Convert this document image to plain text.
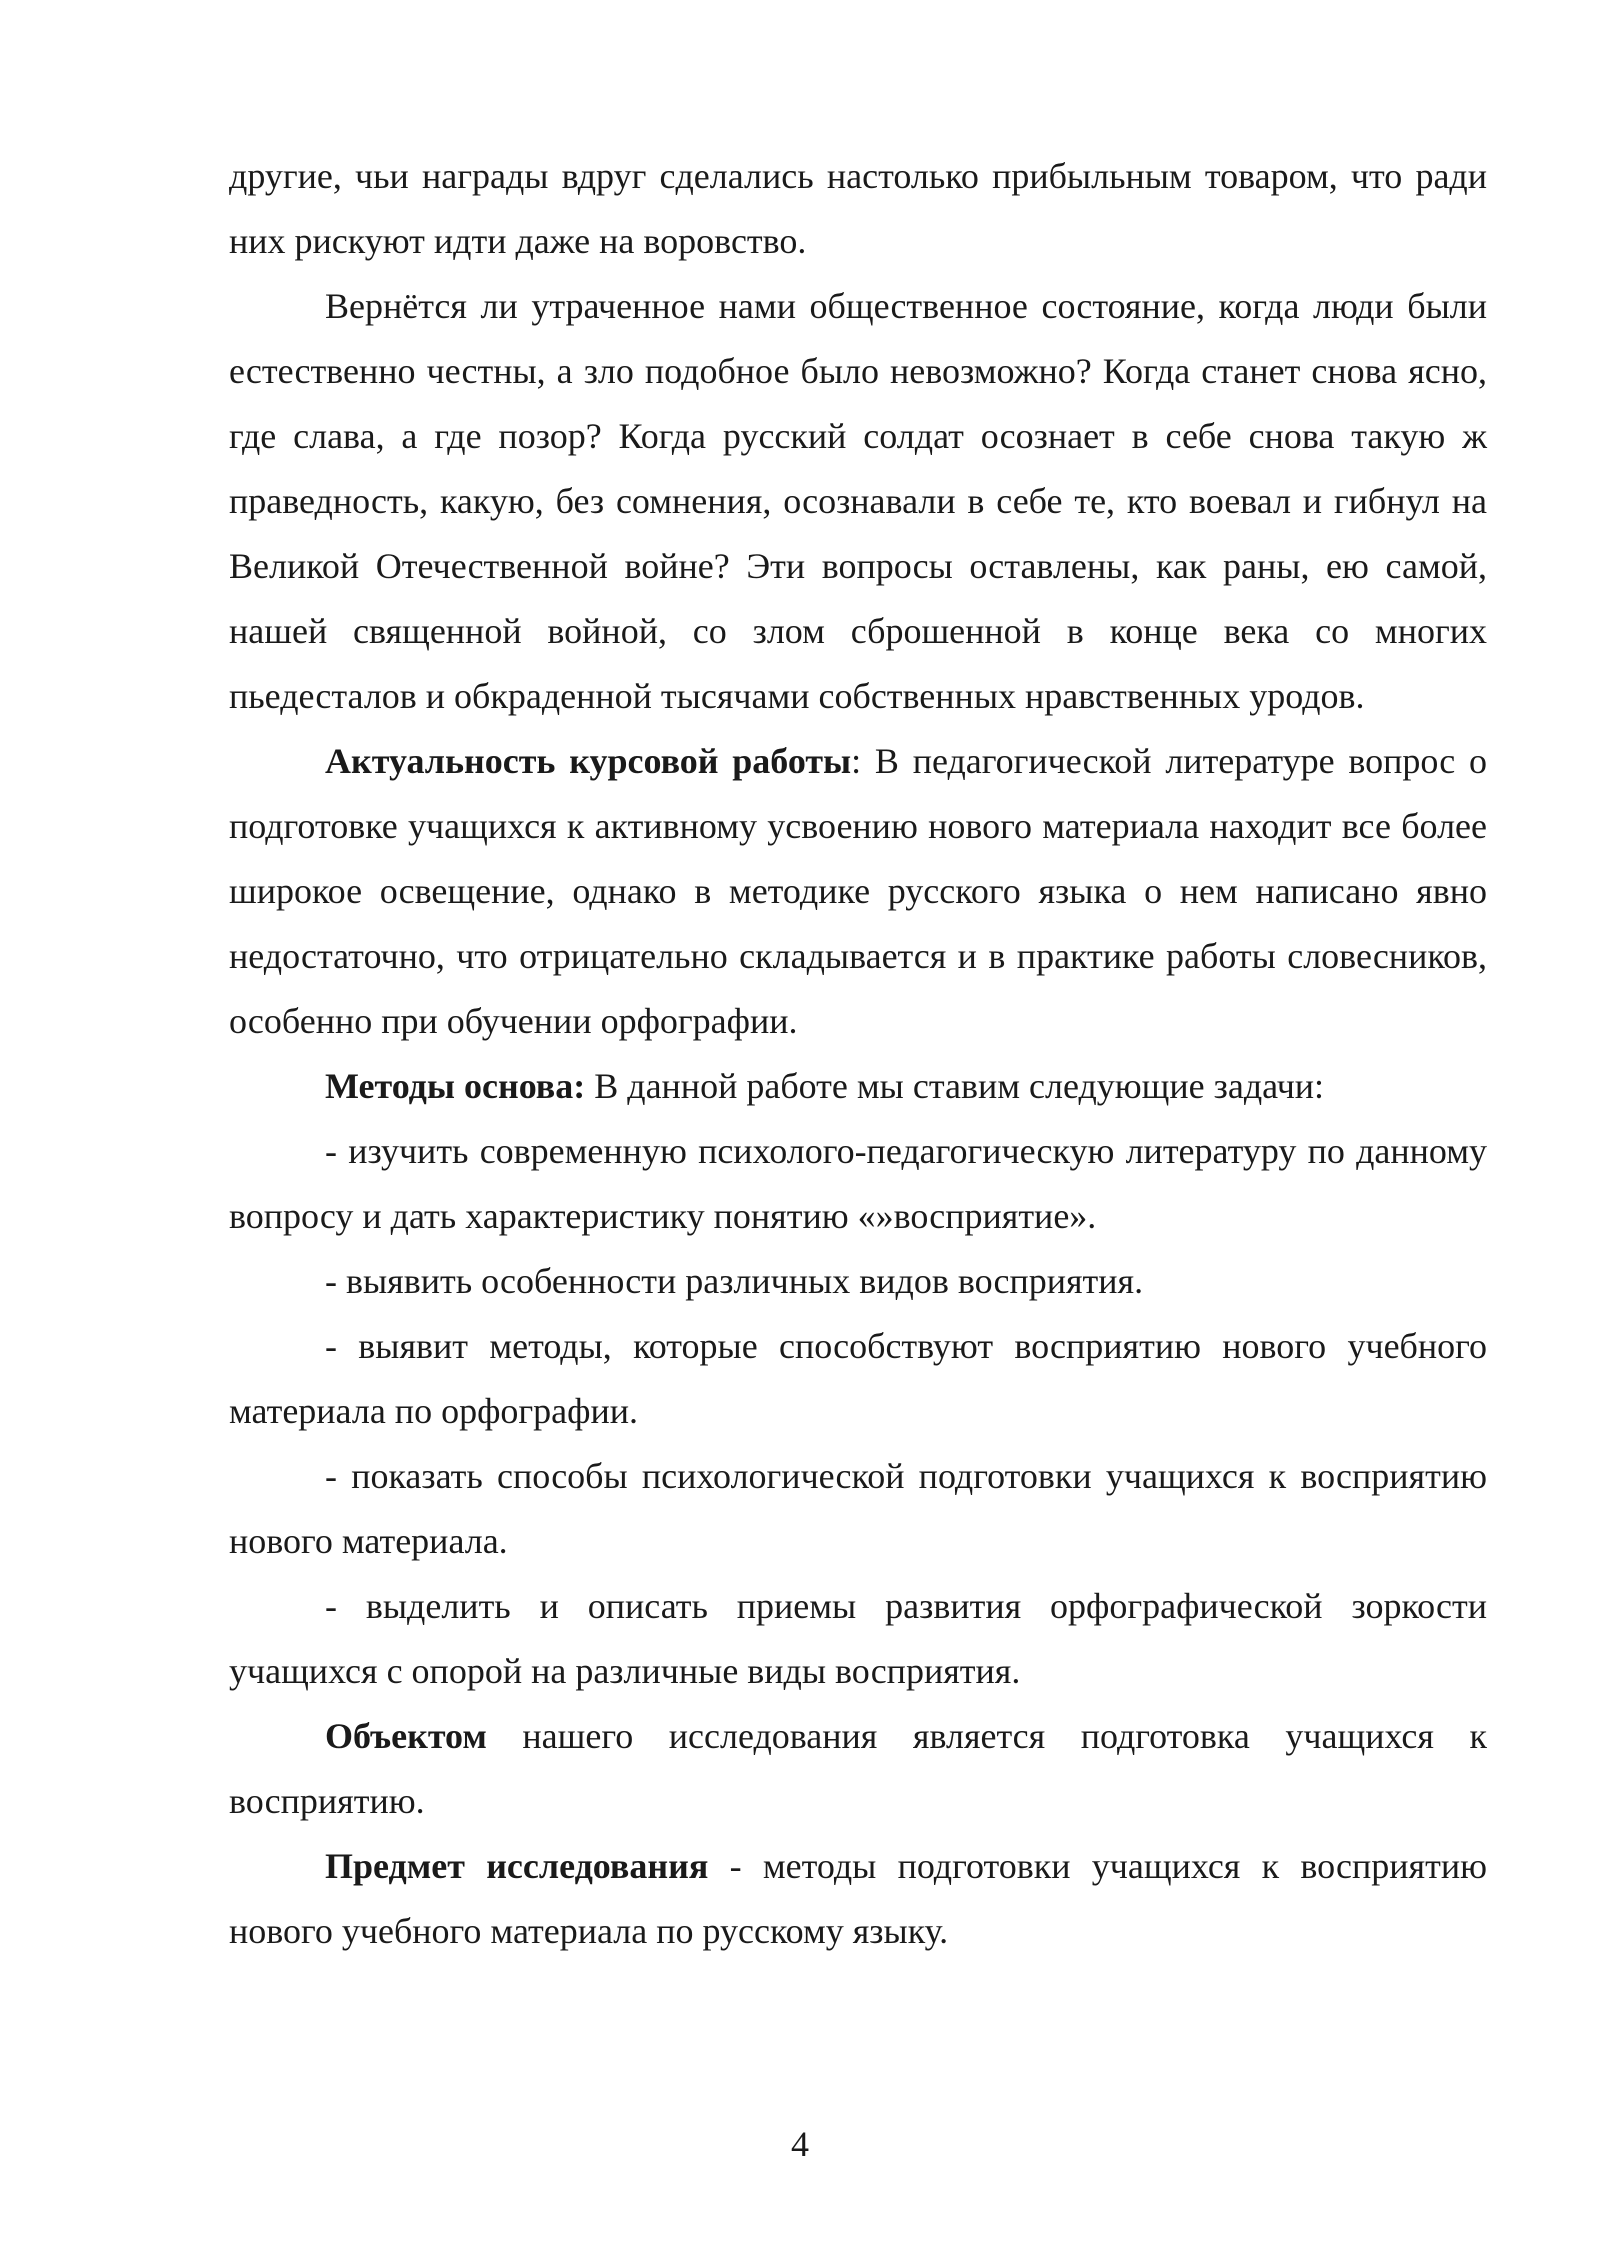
другие, чьи награды вдруг сделались настолько прибыльным товаром, что ради них рискуют идти даже на воровство.

Вернётся ли утраченное нами общественное состояние, когда люди были естественно честны, а зло подобное было невозможно? Когда станет снова ясно, где слава, а где позор? Когда русский солдат осознает в себе снова такую ж праведность, какую, без сомнения, осознавали в себе те, кто воевал и гибнул на Великой Отечественной войне? Эти вопросы оставлены, как раны, ею самой, нашей священной войной, со злом сброшенной в конце века со многих пьедесталов и обкраденной тысячами собственных нравственных уродов.

Актуальность курсовой работы: В педагогической литературе вопрос о подготовке учащихся к активному усвоению нового материала находит все более широкое освещение, однако в методике русского языка о нем написано явно недостаточно, что отрицательно складывается и в практике работы словесников, особенно при обучении орфографии.

Методы основа: В данной работе мы ставим следующие задачи:

- изучить современную психолого-педагогическую литературу по данному вопросу и дать характеристику понятию «»восприятие».

- выявить особенности различных видов восприятия.

- выявит методы, которые способствуют восприятию нового учебного материала по орфографии.

- показать способы психологической подготовки учащихся к восприятию нового материала.

- выделить и описать приемы развития орфографической зоркости учащихся с опорой на различные виды восприятия.

Объектом нашего исследования является подготовка учащихся к восприятию.

Предмет исследования - методы подготовки учащихся к восприятию нового учебного материала по русскому языку.

4
